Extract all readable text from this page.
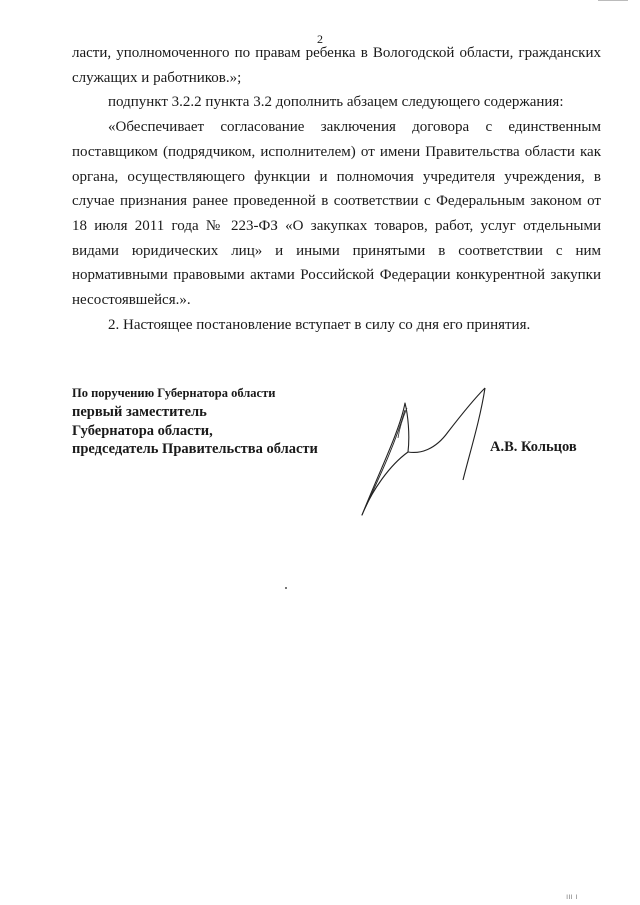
2

ласти, уполномоченного по правам ребенка в Вологодской области, гражданских служащих и работников.»;

подпункт 3.2.2 пункта 3.2 дополнить абзацем следующего содержания:

«Обеспечивает согласование заключения договора с единственным поставщиком (подрядчиком, исполнителем) от имени Правительства области как органа, осуществляющего функции и полномочия учредителя учреждения, в случае признания ранее проведенной в соответствии с Федеральным законом от 18 июля 2011 года № 223-ФЗ «О закупках товаров, работ, услуг отдельными видами юридических лиц» и иными принятыми в соответствии с ним нормативными правовыми актами Российской Федерации конкурентной закупки несостоявшейся.».

2. Настоящее постановление вступает в силу со дня его принятия.

По поручению Губернатора области
первый заместитель
Губернатора области,
председатель Правительства области	А.В. Кольцов
ııı ı
